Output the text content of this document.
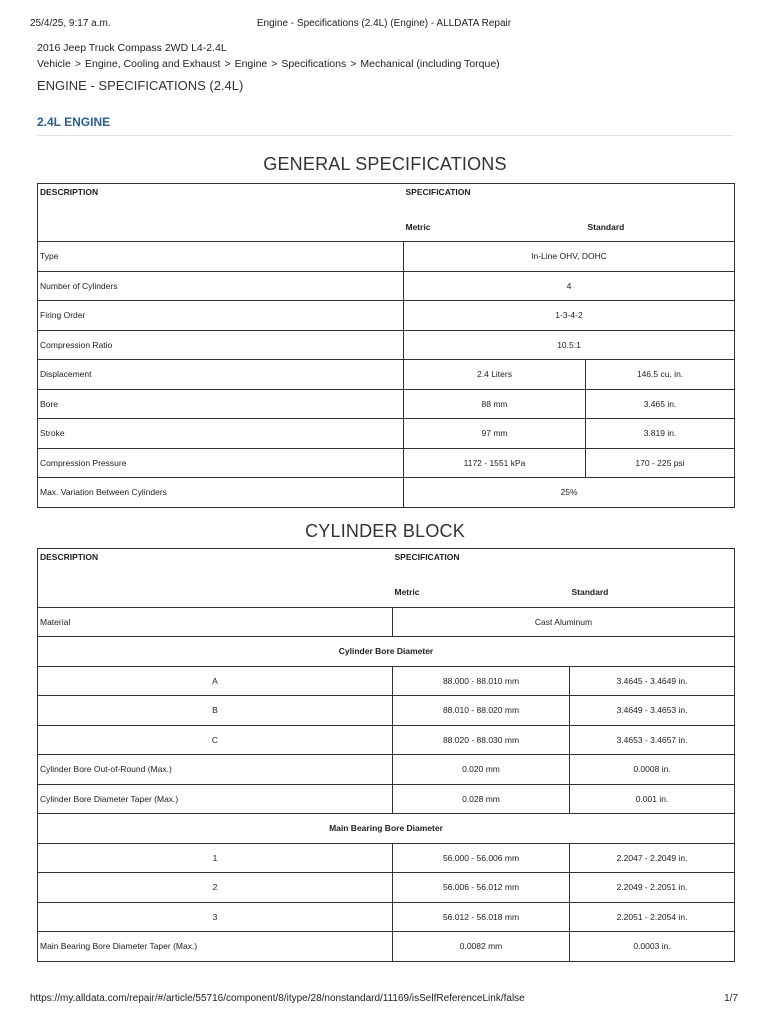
25/4/25, 9:17 a.m.	Engine - Specifications (2.4L) (Engine) - ALLDATA Repair
2016 Jeep Truck Compass 2WD L4-2.4L
Vehicle > Engine, Cooling and Exhaust > Engine > Specifications > Mechanical (including Torque)
ENGINE - SPECIFICATIONS (2.4L)
2.4L ENGINE
GENERAL SPECIFICATIONS
DESCRIPTION	SPECIFICATION	
	Metric	Standard
Type	In-Line OHV, DOHC	
Number of Cylinders	4	
Firing Order	1-3-4-2	
Compression Ratio	10.5:1	
Displacement	2.4 Liters	146.5 cu. in.
Bore	88 mm	3.465 in.
Stroke	97 mm	3.819 in.
Compression Pressure	1172 - 1551 kPa	170 - 225 psi
Max. Variation Between Cylinders	25%	
CYLINDER BLOCK
DESCRIPTION	SPECIFICATION	
	Metric	Standard
Material	Cast Aluminum	
Cylinder Bore Diameter		
A	88.000 - 88.010 mm	3.4645 - 3.4649 in.
B	88.010 - 88.020 mm	3.4649 - 3.4653 in.
C	88.020 - 88.030 mm	3.4653 - 3.4657 in.
Cylinder Bore Out-of-Round (Max.)	0.020 mm	0.0008 in.
Cylinder Bore Diameter Taper (Max.)	0.028 mm	0.001 in.
Main Bearing Bore Diameter		
1	56.000 - 56.006 mm	2.2047 - 2.2049 in.
2	56.006 - 56.012 mm	2.2049 - 2.2051 in.
3	56.012 - 56.018 mm	2.2051 - 2.2054 in.
Main Bearing Bore Diameter Taper (Max.)	0.0082 mm	0.0003 in.
https://my.alldata.com/repair/#/article/55716/component/8/itype/28/nonstandard/11169/isSelfReferenceLink/false	1/7
